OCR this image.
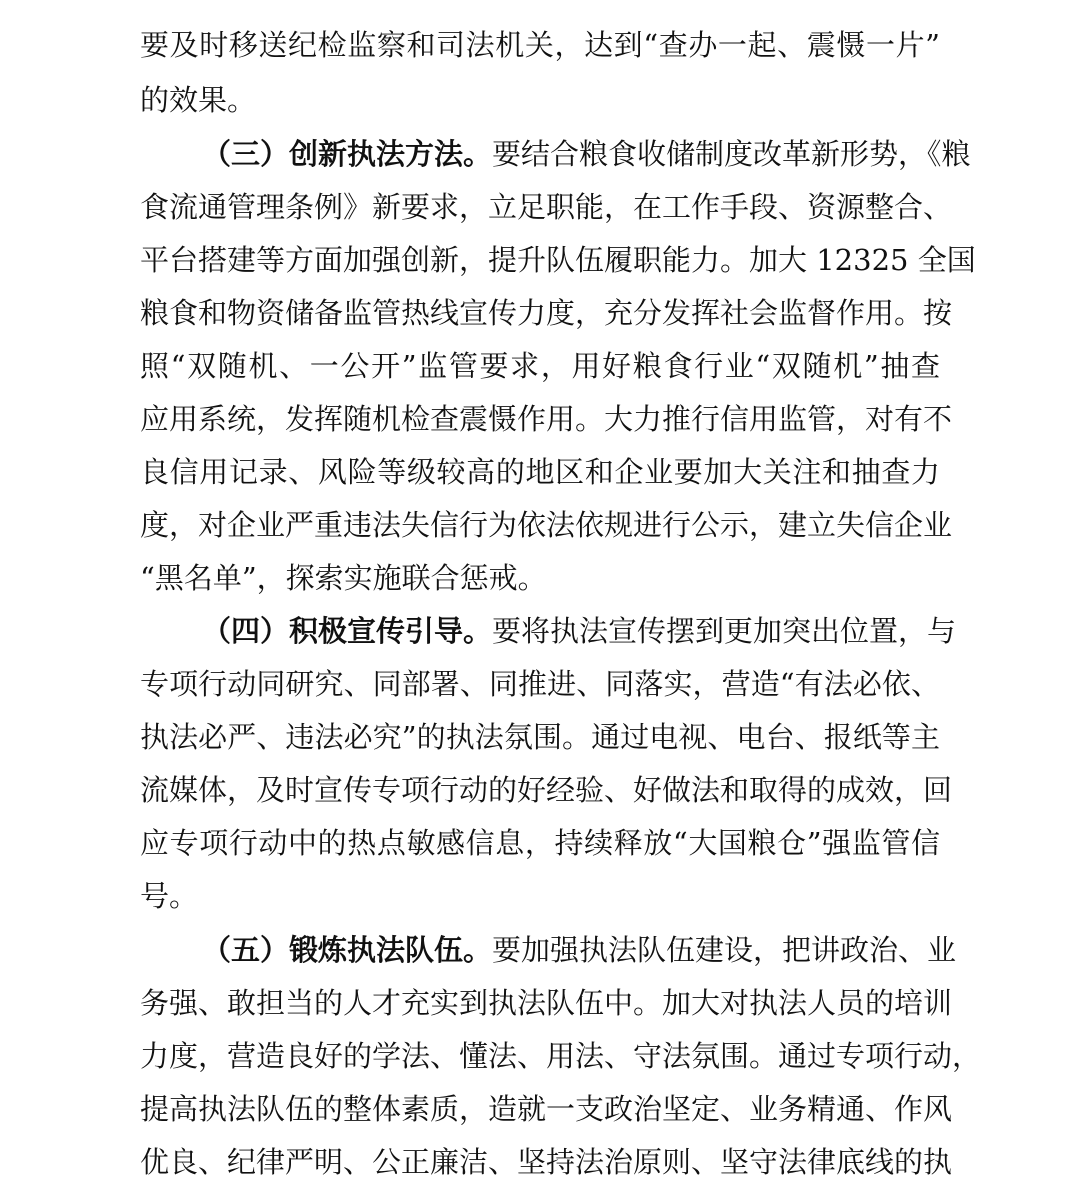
要及时移送纪检监察和司法机关，达到“查办一起、震慑一片”
的效果。
（三）创新执法方法。要结合粮食收储制度改革新形势，《粮
食流通管理条例》新要求，立足职能，在工作手段、资源整合、
平台搭建等方面加强创新，提升队伍履职能力。加大 12325 全国
粮食和物资储备监管热线宣传力度，充分发挥社会监督作用。按
照“双随机、一公开”监管要求，用好粮食行业“双随机”抽查
应用系统，发挥随机检查震慑作用。大力推行信用监管，对有不
良信用记录、风险等级较高的地区和企业要加大关注和抽查力
度，对企业严重违法失信行为依法依规进行公示，建立失信企业
“黑名单”，探索实施联合惩戒。
（四）积极宣传引导。要将执法宣传摆到更加突出位置，与
专项行动同研究、同部署、同推进、同落实，营造“有法必依、
执法必严、违法必究”的执法氛围。通过电视、电台、报纸等主
流媒体，及时宣传专项行动的好经验、好做法和取得的成效，回
应专项行动中的热点敏感信息，持续释放“大国粮仓”强监管信
号。
（五）锻炼执法队伍。要加强执法队伍建设，把讲政治、业
务强、敢担当的人才充实到执法队伍中。加大对执法人员的培训
力度，营造良好的学法、懂法、用法、守法氛围。通过专项行动，
提高执法队伍的整体素质，造就一支政治坚定、业务精通、作风
优良、纪律严明、公正廉洁、坚持法治原则、坚守法律底线的执
